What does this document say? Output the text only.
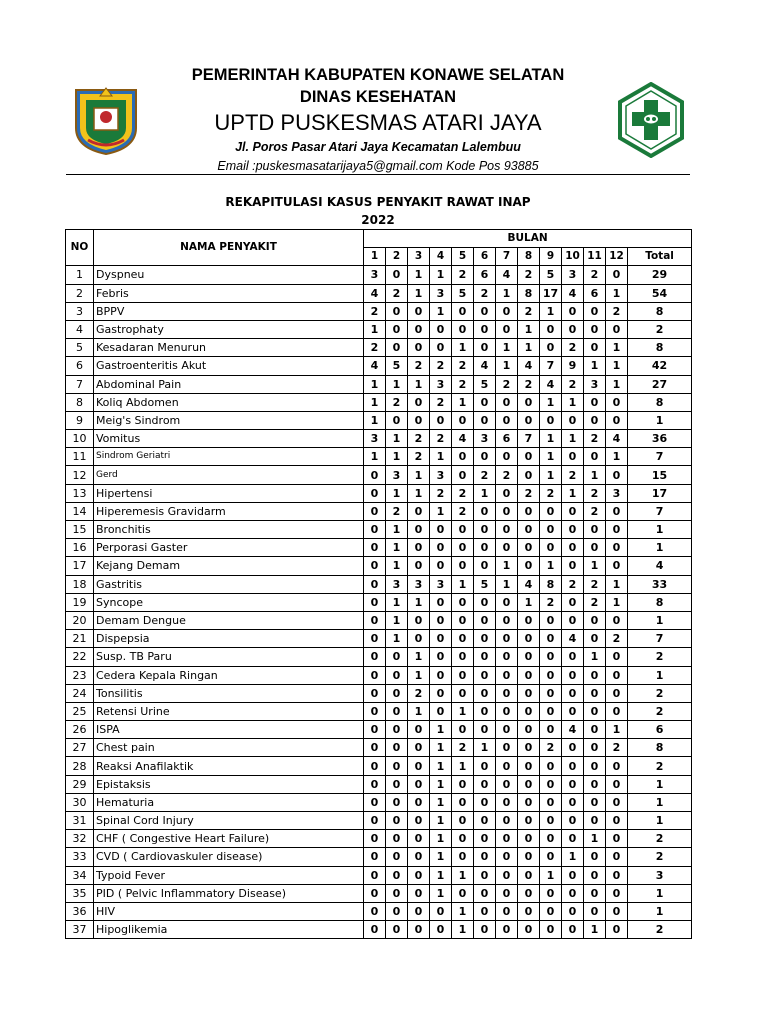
PEMERINTAH KABUPATEN KONAWE SELATAN
DINAS KESEHATAN
UPTD PUSKESMAS ATARI JAYA
Jl. Poros Pasar Atari Jaya Kecamatan Lalembuu
Email :puskesmasatarijaya5@gmail.com Kode Pos 93885
REKAPITULASI KASUS PENYAKIT RAWAT INAP
2022
NO	NAMA PENYAKIT	BULAN												
		1	2	3	4	5	6	7	8	9	10	11	12	Total
1	Dyspneu	3	0	1	1	2	6	4	2	5	3	2	0	29
2	Febris	4	2	1	3	5	2	1	8	17	4	6	1	54
3	BPPV	2	0	0	1	0	0	0	2	1	0	0	2	8
4	Gastrophaty	1	0	0	0	0	0	0	1	0	0	0	0	2
5	Kesadaran Menurun	2	0	0	0	1	0	1	1	0	2	0	1	8
6	Gastroenteritis Akut	4	5	2	2	2	4	1	4	7	9	1	1	42
7	Abdominal Pain	1	1	1	3	2	5	2	2	4	2	3	1	27
8	Koliq Abdomen	1	2	0	2	1	0	0	0	1	1	0	0	8
9	Meig's Sindrom	1	0	0	0	0	0	0	0	0	0	0	0	1
10	Vomitus	3	1	2	2	4	3	6	7	1	1	2	4	36
11	Sindrom Geriatri	1	1	2	1	0	0	0	0	1	0	0	1	7
12	Gerd	0	3	1	3	0	2	2	0	1	2	1	0	15
13	Hipertensi	0	1	1	2	2	1	0	2	2	1	2	3	17
14	Hiperemesis Gravidarm	0	2	0	1	2	0	0	0	0	0	2	0	7
15	Bronchitis	0	1	0	0	0	0	0	0	0	0	0	0	1
16	Perporasi Gaster	0	1	0	0	0	0	0	0	0	0	0	0	1
17	Kejang Demam	0	1	0	0	0	0	1	0	1	0	1	0	4
18	Gastritis	0	3	3	3	1	5	1	4	8	2	2	1	33
19	Syncope	0	1	1	0	0	0	0	1	2	0	2	1	8
20	Demam Dengue	0	1	0	0	0	0	0	0	0	0	0	0	1
21	Dispepsia	0	1	0	0	0	0	0	0	0	4	0	2	7
22	Susp. TB Paru	0	0	1	0	0	0	0	0	0	0	1	0	2
23	Cedera Kepala Ringan	0	0	1	0	0	0	0	0	0	0	0	0	1
24	Tonsilitis	0	0	2	0	0	0	0	0	0	0	0	0	2
25	Retensi Urine	0	0	1	0	1	0	0	0	0	0	0	0	2
26	ISPA	0	0	0	1	0	0	0	0	0	4	0	1	6
27	Chest pain	0	0	0	1	2	1	0	0	2	0	0	2	8
28	Reaksi Anafilaktik	0	0	0	1	1	0	0	0	0	0	0	0	2
29	Epistaksis	0	0	0	1	0	0	0	0	0	0	0	0	1
30	Hematuria	0	0	0	1	0	0	0	0	0	0	0	0	1
31	Spinal Cord Injury	0	0	0	1	0	0	0	0	0	0	0	0	1
32	CHF ( Congestive Heart Failure)	0	0	0	1	0	0	0	0	0	0	1	0	2
33	CVD ( Cardiovaskuler disease)	0	0	0	1	0	0	0	0	0	1	0	0	2
34	Typoid Fever	0	0	0	1	1	0	0	0	1	0	0	0	3
35	PID ( Pelvic Inflammatory Disease)	0	0	0	1	0	0	0	0	0	0	0	0	1
36	HIV	0	0	0	0	1	0	0	0	0	0	0	0	1
37	Hipoglikemia	0	0	0	0	1	0	0	0	0	0	1	0	2
